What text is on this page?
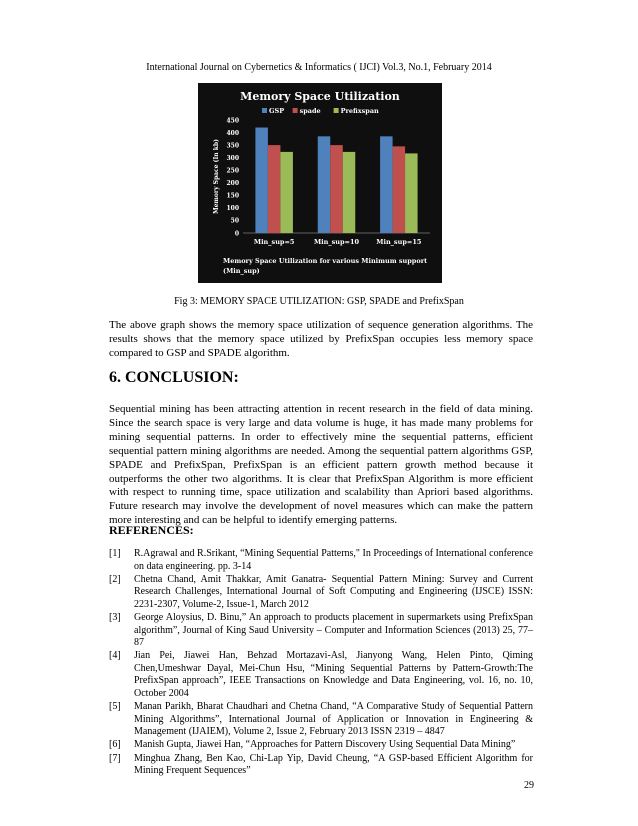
International Journal on Cybernetics & Informatics ( IJCI) Vol.3, No.1, February 2014
Memory Space Utilization
GSP spade	Prefixspan
0
50
100
150
200
250
300
350
400
450
Memory Space (In kb)
Min_sup=5	Min_sup=10	Min_sup=15
Memory Space Utilization for various Minimum support
(Min_sup)
Fig 3: MEMORY SPACE UTILIZATION: GSP, SPADE and PrefixSpan

The above graph shows the memory space utilization of sequence generation algorithms. The results shows that the memory space utilized by PrefixSpan occupies less memory space compared to GSP and SPADE algorithm.

6. CONCLUSION:

Sequential mining has been attracting attention in recent research in the field of data mining. Since the search space is very large and data volume is huge, it has made many problems for mining sequential patterns. In order to effectively mine the sequential patterns, efficient sequential pattern mining algorithms are needed. Among the sequential pattern algorithms GSP, SPADE and PrefixSpan, PrefixSpan is an efficient pattern growth method because it outperforms the other two algorithms. It is clear that PrefixSpan Algorithm is more efficient with respect to running time, space utilization and scalability than Apriori based algorithms. Future research may involve the development of novel measures which can make the pattern more interesting and can be helpful to identify emerging patterns.

REFERENCES:
[1]	R.Agrawal and R.Srikant, “Mining Sequential Patterns," In Proceedings of International conference on data engineering. pp. 3-14
[2]	Chetna Chand, Amit Thakkar, Amit Ganatra- Sequential Pattern Mining: Survey and Current Research Challenges, International Journal of Soft Computing and Engineering (IJSCE) ISSN: 2231-2307, Volume-2, Issue-1, March 2012
[3]	George Aloysius, D. Binu,” An approach to products placement in supermarkets using PrefixSpan algorithm”, Journal of King Saud University – Computer and Information Sciences (2013) 25, 77–87
[4]	Jian Pei, Jiawei Han, Behzad Mortazavi-Asl, Jianyong Wang, Helen Pinto, Qiming Chen,Umeshwar Dayal, Mei-Chun Hsu, “Mining Sequential Patterns by Pattern-Growth:The PrefixSpan approach”, IEEE Transactions on Knowledge and Data Engineering, vol. 16, no. 10, October 2004
[5]	Manan Parikh, Bharat Chaudhari and Chetna Chand, “A Comparative Study of Sequential Pattern Mining Algorithms”, International Journal of Application or Innovation in Engineering & Management (IJAIEM), Volume 2, Issue 2, February 2013 ISSN 2319 – 4847
[6]	Manish Gupta, Jiawei Han, “Approaches for Pattern Discovery Using Sequential Data Mining”
[7]	Minghua Zhang, Ben Kao, Chi-Lap Yip, David Cheung, “A GSP-based Efficient Algorithm for Mining Frequent Sequences”
29
